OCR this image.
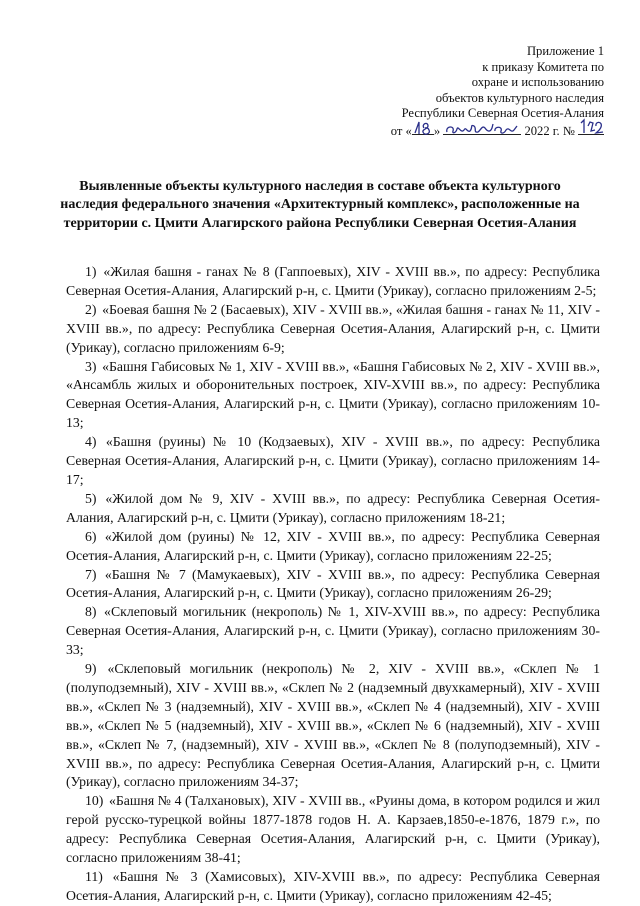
Приложение 1
к приказу Комитета по
охране и использованию
объектов культурного наследия
Республики Северная Осетия-Алания
от « »	2022 г. №
Выявленные объекты культурного наследия в составе объекта культурного наследия федерального значения «Архитектурный комплекс», расположенные на территории с. Цмити Алагирского района Республики Северная Осетия-Алания

1) «Жилая башня - ганах № 8 (Гаппоевых), XIV - XVIII вв.», по адресу: Республика Северная Осетия-Алания, Алагирский р-н, с. Цмити (Урикау), согласно приложениям 2-5;

2) «Боевая башня № 2 (Басаевых), XIV - XVIII вв.», «Жилая башня - ганах № 11, XIV - XVIII вв.», по адресу: Республика Северная Осетия-Алания, Алагирский р-н, с. Цмити (Урикау), согласно приложениям 6-9;

3) «Башня Габисовых № 1, XIV - XVIII вв.», «Башня Габисовых № 2, XIV - XVIII вв.», «Ансамбль жилых и оборонительных построек, XIV-XVIII вв.», по адресу: Республика Северная Осетия-Алания, Алагирский р-н, с. Цмити (Урикау), согласно приложениям 10-13;

4) «Башня (руины) № 10 (Кодзаевых), XIV - XVIII вв.», по адресу: Республика Северная Осетия-Алания, Алагирский р-н, с. Цмити (Урикау), согласно приложениям 14-17;

5) «Жилой дом № 9, XIV - XVIII вв.», по адресу: Республика Северная Осетия-Алания, Алагирский р-н, с. Цмити (Урикау), согласно приложениям 18-21;

6) «Жилой дом (руины) № 12, XIV - XVIII вв.», по адресу: Республика Северная Осетия-Алания, Алагирский р-н, с. Цмити (Урикау), согласно приложениям 22-25;

7) «Башня № 7 (Мамукаевых), XIV - XVIII вв.», по адресу: Республика Северная Осетия-Алания, Алагирский р-н, с. Цмити (Урикау), согласно приложениям 26-29;

8) «Склеповый могильник (некрополь) № 1, XIV-XVIII вв.», по адресу: Республика Северная Осетия-Алания, Алагирский р-н, с. Цмити (Урикау), согласно приложениям 30-33;

9) «Склеповый могильник (некрополь) № 2, XIV - XVIII вв.», «Склеп № 1 (полуподземный), XIV - XVIII вв.», «Склеп № 2 (надземный двухкамерный), XIV - XVIII вв.», «Склеп № 3 (надземный), XIV - XVIII вв.», «Склеп № 4 (надземный), XIV - XVIII вв.», «Склеп № 5 (надземный), XIV - XVIII вв.», «Склеп № 6 (надземный), XIV - XVIII вв.», «Склеп № 7, (надземный), XIV - XVIII вв.», «Склеп № 8 (полуподземный), XIV - XVIII вв.», по адресу: Республика Северная Осетия-Алания, Алагирский р-н, с. Цмити (Урикау), согласно приложениям 34-37;

10) «Башня № 4 (Талхановых), XIV - XVIII вв., «Руины дома, в котором родился и жил герой русско-турецкой войны 1877-1878 годов Н. А. Карзаев,1850-е-1876, 1879 г.», по адресу: Республика Северная Осетия-Алания, Алагирский р-н, с. Цмити (Урикау), согласно приложениям 38-41;

11) «Башня № 3 (Хамисовых), XIV-XVIII вв.», по адресу: Республика Северная Осетия-Алания, Алагирский р-н, с. Цмити (Урикау), согласно приложениям 42-45;
